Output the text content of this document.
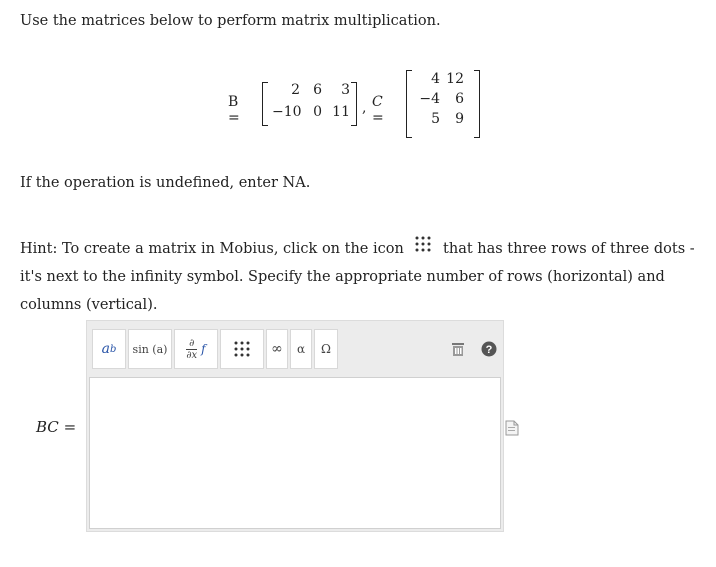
Use the matrices below to perform matrix multiplication.
B =
2 6	3
−10 0 11 , C =
4 12
−4	6
5	9
If the operation is undefined, enter NA.
Hint: To create a matrix in Mobius, click on the icon	that has three rows of three dots - it's next to the infinity symbol. Specify the appropriate number of rows (horizontal) and columns (vertical).
BC =
a b	sin (a)	∂
∂x f	∞	α	Ω	?
